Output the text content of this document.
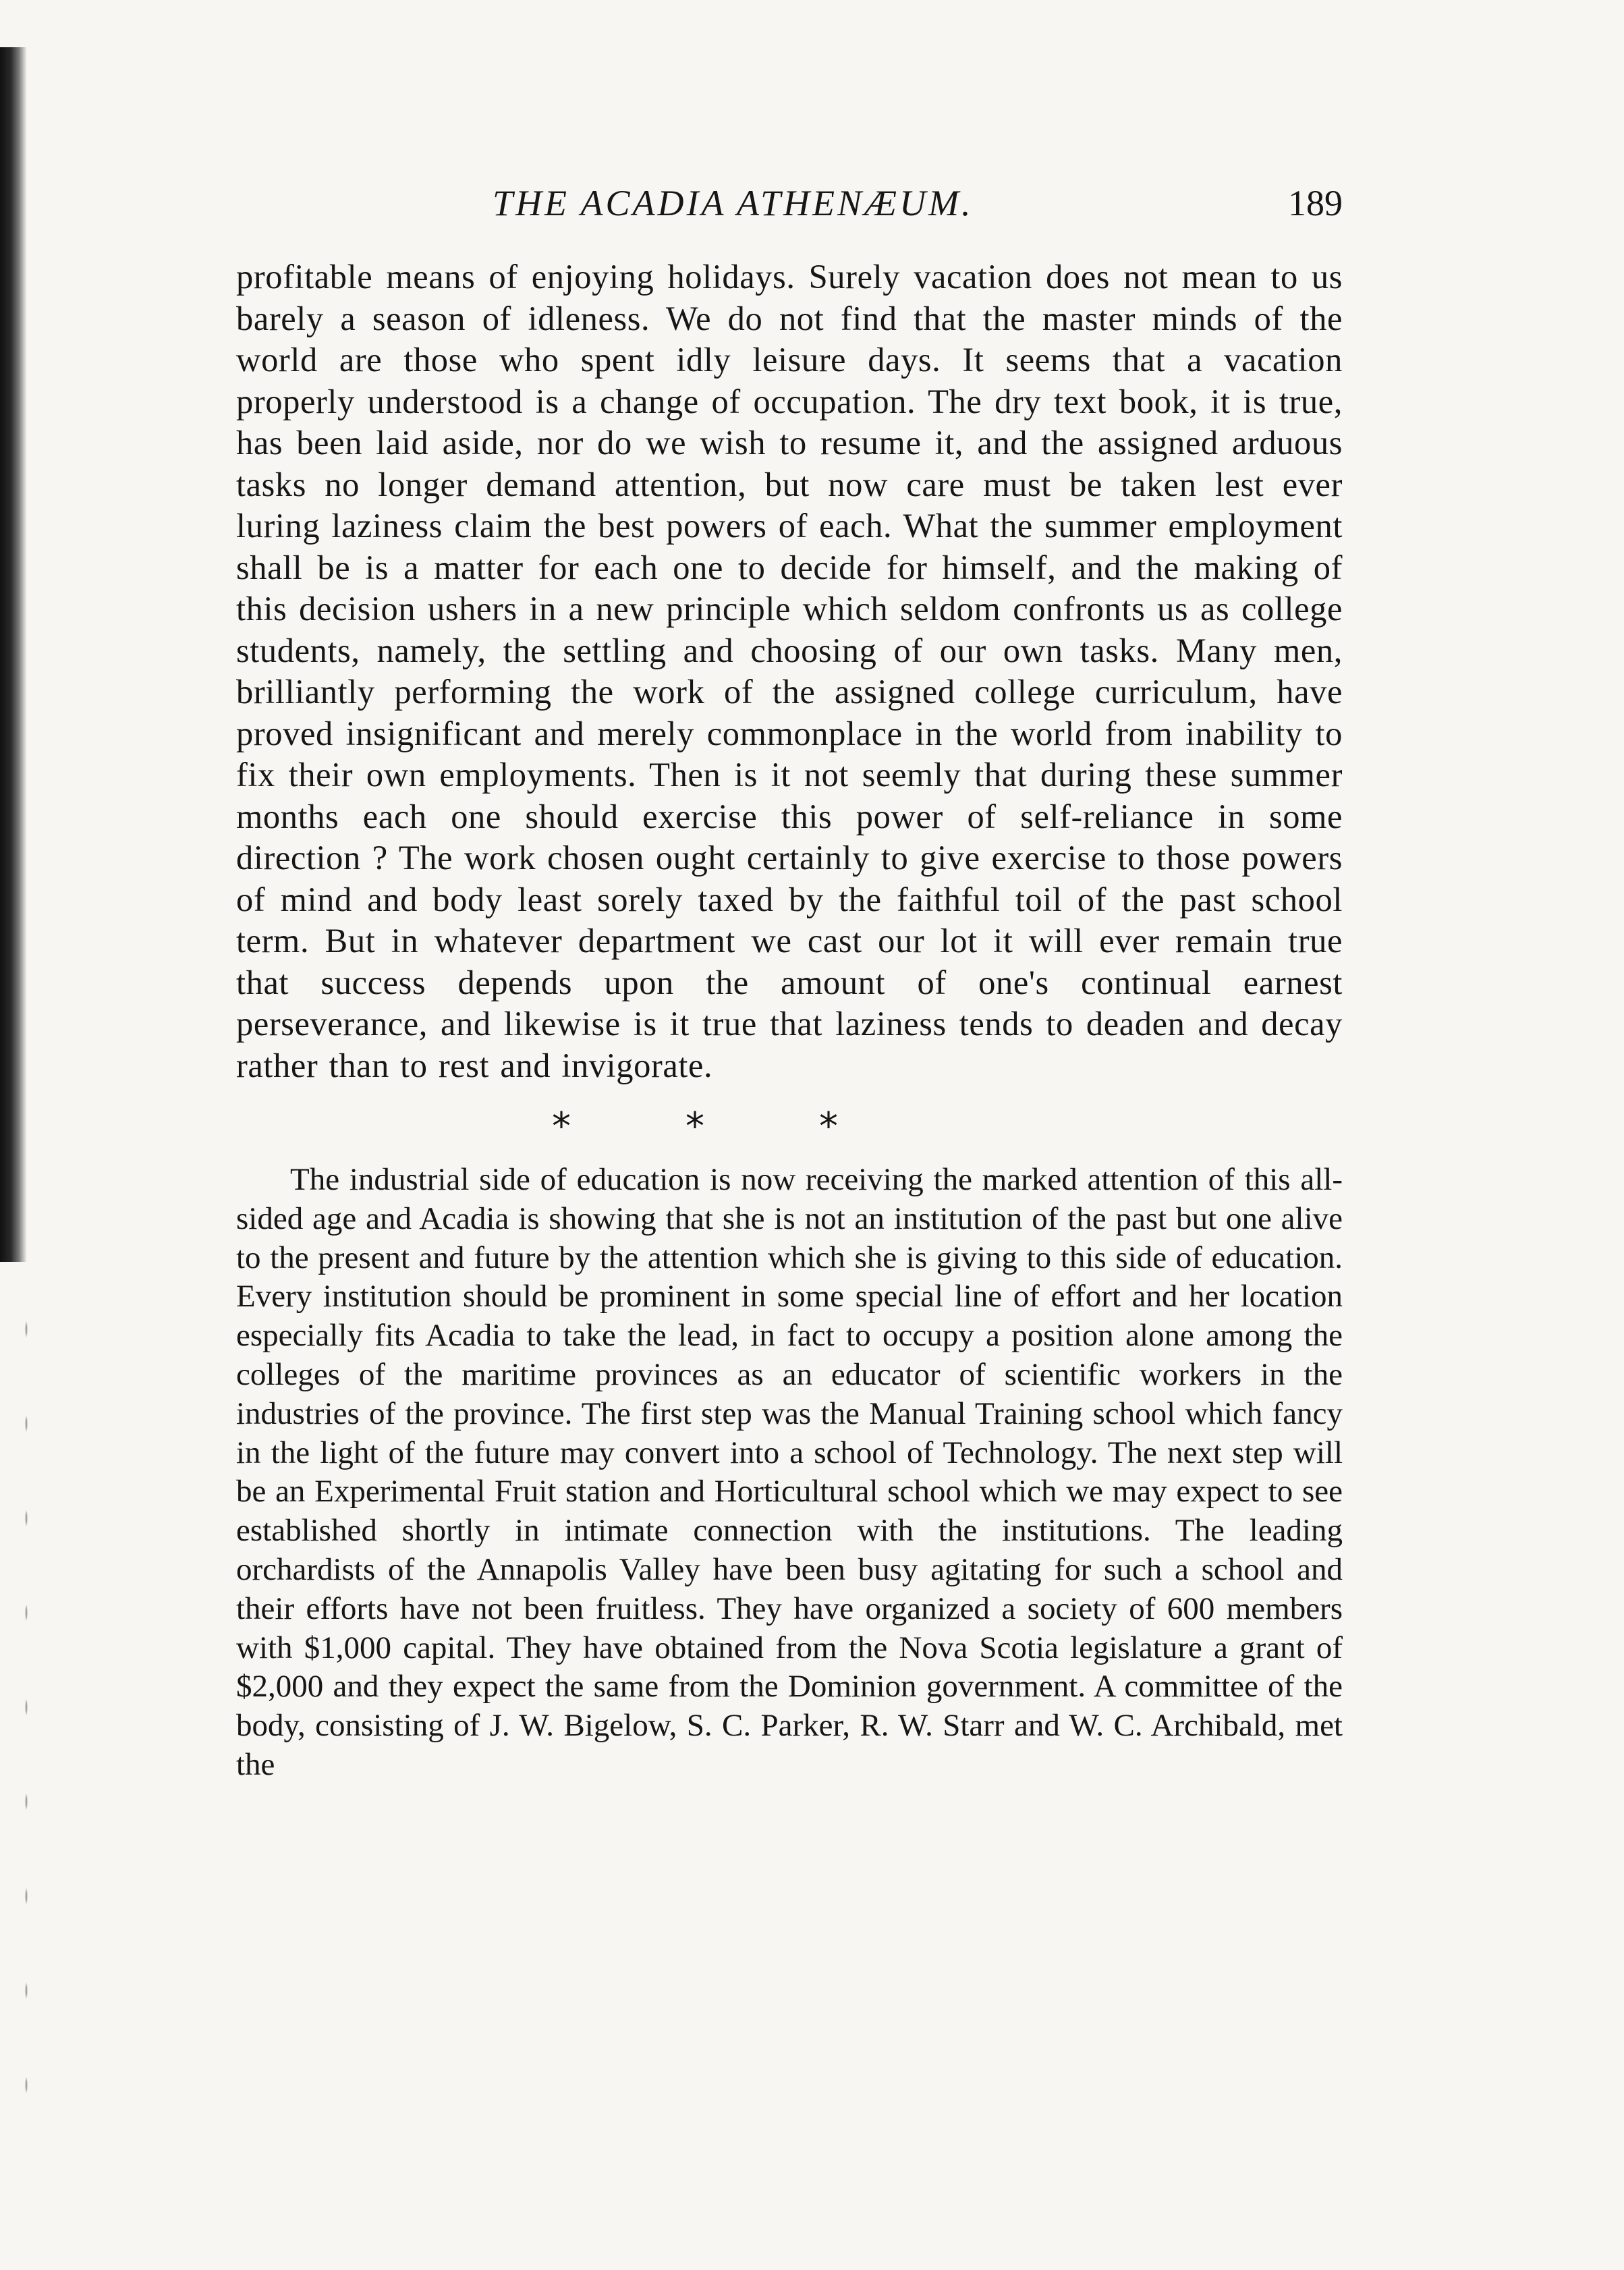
THE ACADIA ATHENÆUM.	189

profitable means of enjoying holidays. Surely vacation does not mean to us barely a season of idleness. We do not find that the master minds of the world are those who spent idly leisure days. It seems that a vacation properly understood is a change of occupation. The dry text book, it is true, has been laid aside, nor do we wish to resume it, and the assigned arduous tasks no longer demand attention, but now care must be taken lest ever luring laziness claim the best powers of each. What the summer employment shall be is a matter for each one to decide for himself, and the making of this decision ushers in a new principle which seldom confronts us as college students, namely, the settling and choosing of our own tasks. Many men, brilliantly performing the work of the assigned college curriculum, have proved insignificant and merely commonplace in the world from inability to fix their own employments. Then is it not seemly that during these summer months each one should exercise this power of self-reliance in some direction ? The work chosen ought certainly to give exercise to those powers of mind and body least sorely taxed by the faithful toil of the past school term. But in whatever department we cast our lot it will ever remain true that success depends upon the amount of one's continual earnest perseverance, and likewise is it true that laziness tends to deaden and decay rather than to rest and invigorate.

*	*	*

The industrial side of education is now receiving the marked attention of this all-sided age and Acadia is showing that she is not an institution of the past but one alive to the present and future by the attention which she is giving to this side of education. Every institution should be prominent in some special line of effort and her location especially fits Acadia to take the lead, in fact to occupy a position alone among the colleges of the maritime provinces as an educator of scientific workers in the industries of the province. The first step was the Manual Training school which fancy in the light of the future may convert into a school of Technology. The next step will be an Experimental Fruit station and Horticultural school which we may expect to see established shortly in intimate connection with the institutions. The leading orchardists of the Annapolis Valley have been busy agitating for such a school and their efforts have not been fruitless. They have organized a society of 600 members with $1,000 capital. They have obtained from the Nova Scotia legislature a grant of $2,000 and they expect the same from the Dominion government. A committee of the body, consisting of J. W. Bigelow, S. C. Parker, R. W. Starr and W. C. Archibald, met the
